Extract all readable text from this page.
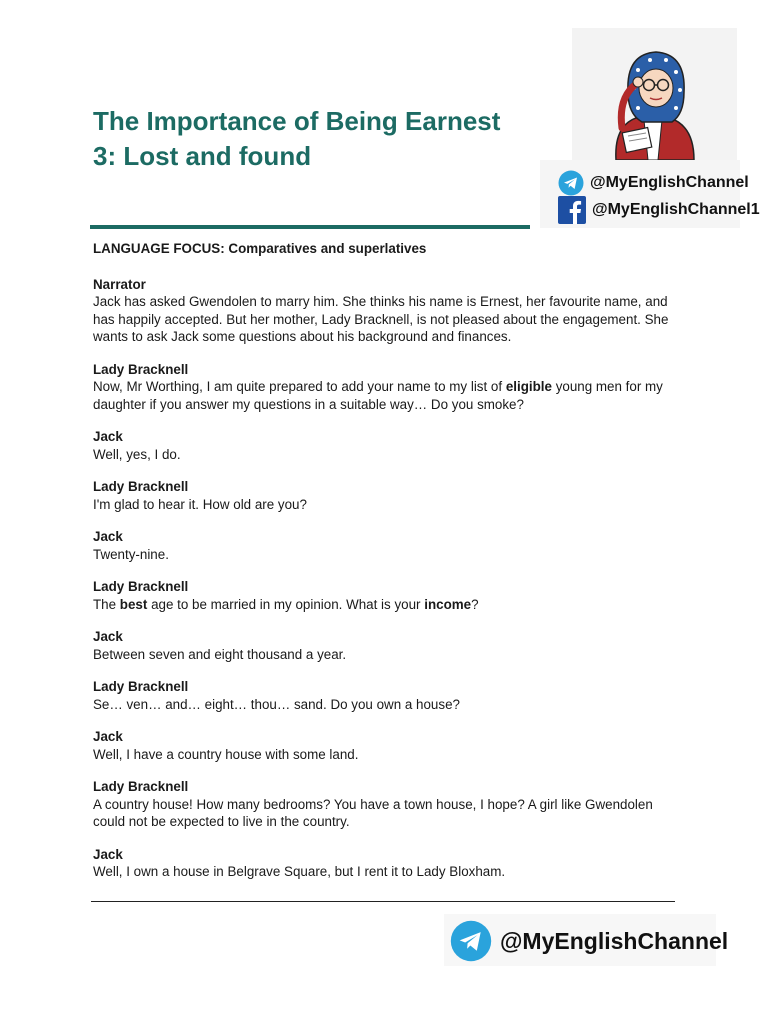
The Importance of Being Earnest
3: Lost and found
@MyEnglishChannel
@MyEnglishChannel1
LANGUAGE FOCUS: Comparatives and superlatives
Narrator
Jack has asked Gwendolen to marry him. She thinks his name is Ernest, her favourite name, and has happily accepted. But her mother, Lady Bracknell, is not pleased about the engagement. She wants to ask Jack some questions about his background and finances.
Lady Bracknell
Now, Mr Worthing, I am quite prepared to add your name to my list of eligible young men for my daughter if you answer my questions in a suitable way… Do you smoke?
Jack
Well, yes, I do.
Lady Bracknell
I'm glad to hear it. How old are you?
Jack
Twenty-nine.
Lady Bracknell
The best age to be married in my opinion. What is your income?
Jack
Between seven and eight thousand a year.
Lady Bracknell
Se… ven… and… eight… thou… sand. Do you own a house?
Jack
Well, I have a country house with some land.
Lady Bracknell
A country house! How many bedrooms? You have a town house, I hope? A girl like Gwendolen could not be expected to live in the country.
Jack
Well, I own a house in Belgrave Square, but I rent it to Lady Bloxham.
@MyEnglishChannel
